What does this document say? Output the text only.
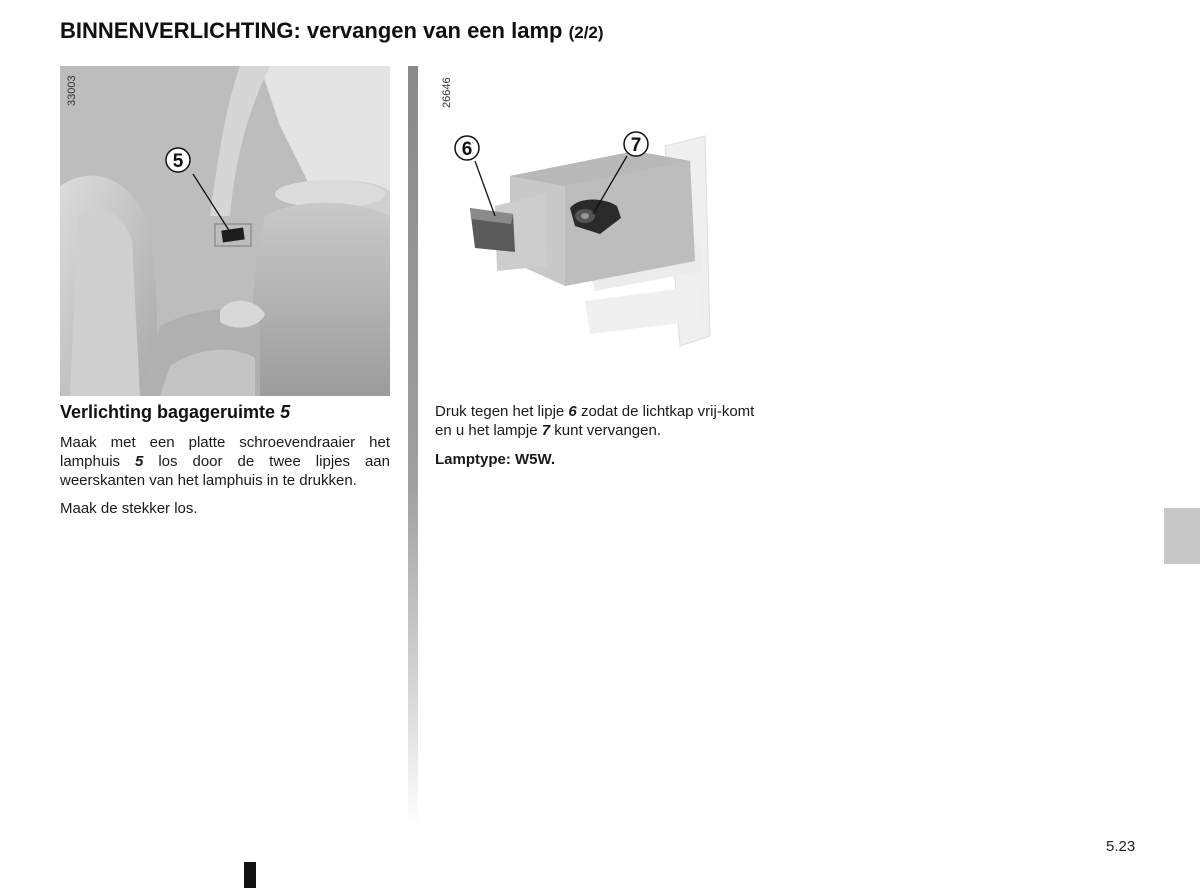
BINNENVERLICHTING: vervangen van een lamp (2/2)
5
33003
6	7
26646
Verlichting bagageruimte 5

Maak met een platte schroevendraaier het lamphuis 5 los door de twee lipjes aan weerskanten van het lamphuis in te drukken.

Maak de stekker los.

Druk tegen het lipje 6 zodat de lichtkap vrij-komt en u het lampje 7 kunt vervangen.

Lamptype: W5W.

5.23
